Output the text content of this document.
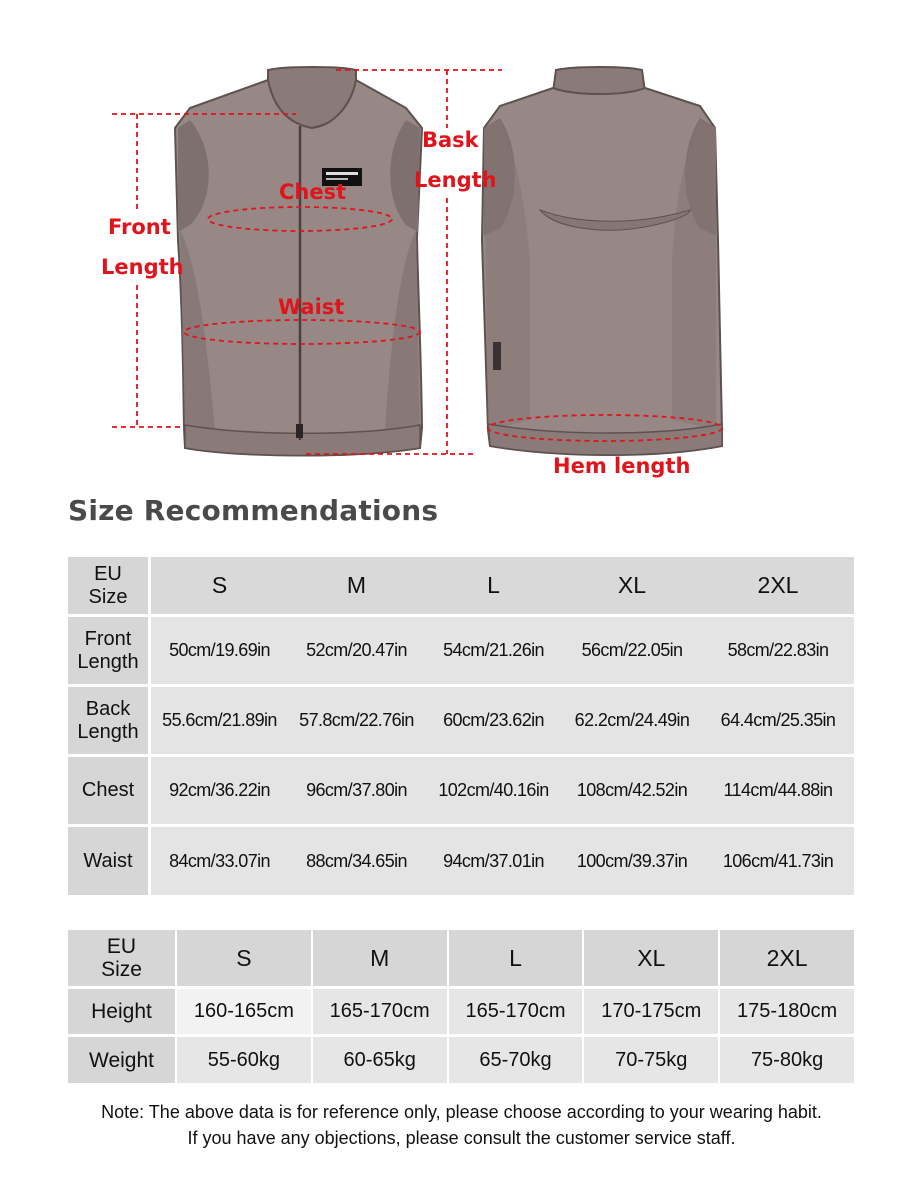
Chest
Front
Length
Waist
Bask
Length
Hem length
Size Recommendations
EU
Size	S	M	L	XL	2XL
Front
Length
50cm/19.69in	52cm/20.47in	54cm/21.26in	56cm/22.05in	58cm/22.83in
Back
Length
55.6cm/21.89in	57.8cm/22.76in	60cm/23.62in	62.2cm/24.49in	64.4cm/25.35in
Chest	92cm/36.22in	96cm/37.80in	102cm/40.16in	108cm/42.52in	114cm/44.88in
Waist	84cm/33.07in	88cm/34.65in	94cm/37.01in	100cm/39.37in	106cm/41.73in
EU
Size	S	M	L	XL	2XL
Height	160-165cm	165-170cm	165-170cm	170-175cm	175-180cm
Weight	55-60kg	60-65kg	65-70kg	70-75kg	75-80kg
Note: The above data is for reference only, please choose according to your wearing habit.
If you have any objections, please consult the customer service staff.
